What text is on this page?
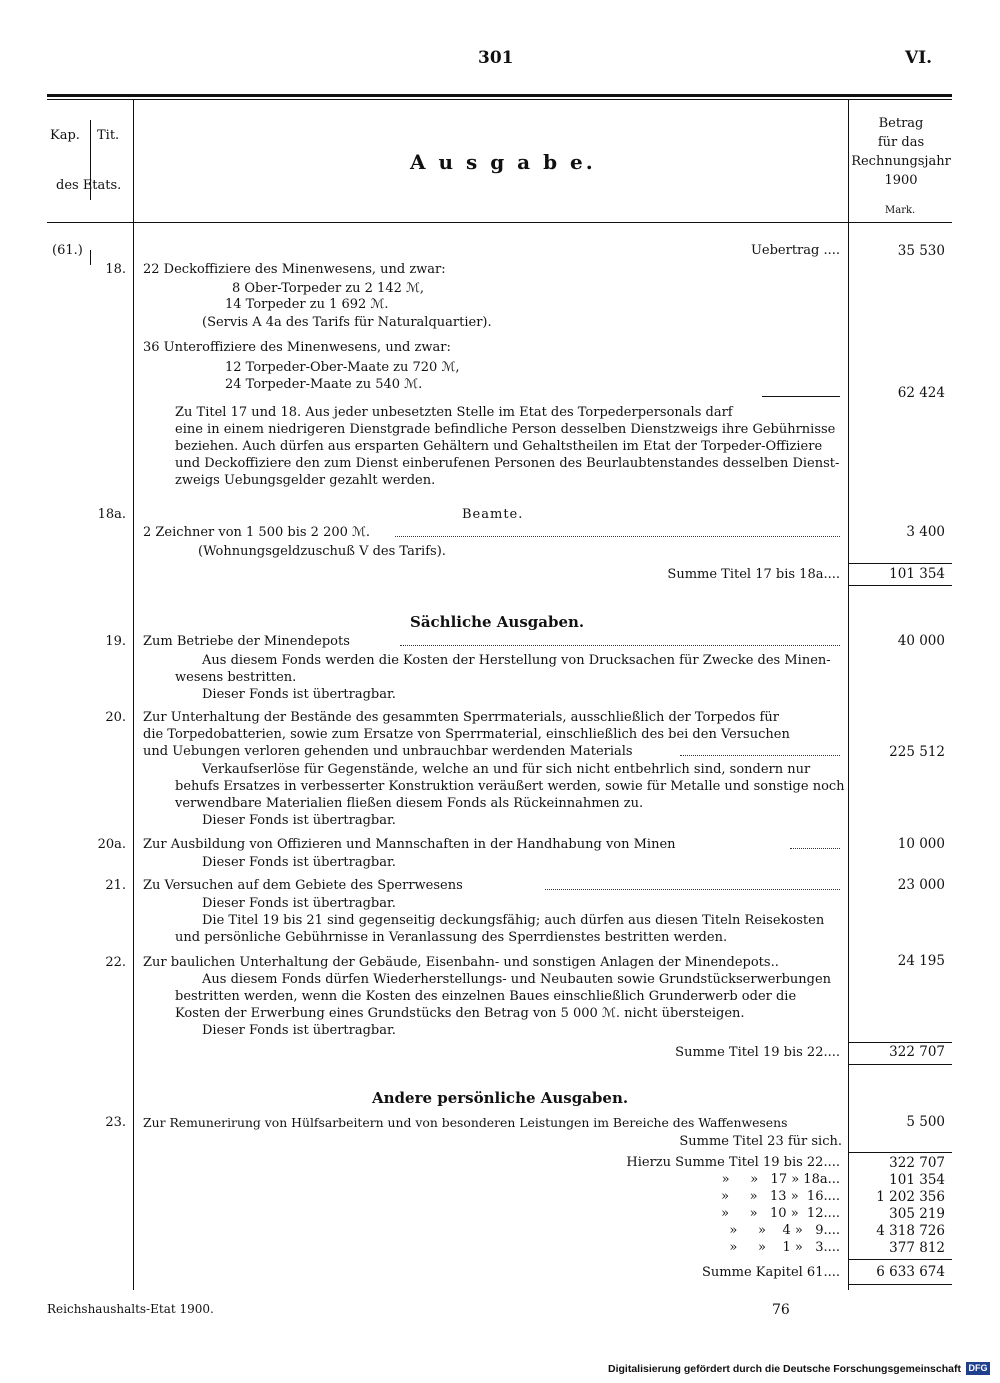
301	VI.
Kap. Tit.
des Etats.
A u s g a b e.
Betrag
für das
Rechnungsjahr
1900
Mark.
(61.)	Uebertrag ....	35 530
18. 22 Deckoffiziere des Minenwesens, und zwar:
8 Ober-Torpeder zu 2 142 ℳ,
14 Torpeder zu 1 692 ℳ.
(Servis A 4a des Tarifs für Naturalquartier).
36 Unteroffiziere des Minenwesens, und zwar:
12 Torpeder-Ober-Maate zu 720 ℳ,
24 Torpeder-Maate zu 540 ℳ.
62 424
Zu Titel 17 und 18. Aus jeder unbesetzten Stelle im Etat des Torpederpersonals darf
eine in einem niedrigeren Dienstgrade befindliche Person desselben Dienstzweigs ihre Gebührnisse
beziehen. Auch dürfen aus ersparten Gehältern und Gehaltstheilen im Etat der Torpeder-Offiziere
und Deckoffiziere den zum Dienst einberufenen Personen des Beurlaubtenstandes desselben Dienst-
zweigs Uebungsgelder gezahlt werden.
18a.	Beamte.
2 Zeichner von 1 500 bis 2 200 ℳ.	3 400
(Wohnungsgeldzuschuß V des Tarifs).
Summe Titel 17 bis 18a....	101 354
Sächliche Ausgaben.
19. Zum Betriebe der Minendepots	40 000
Aus diesem Fonds werden die Kosten der Herstellung von Drucksachen für Zwecke des Minen-
wesens bestritten.
Dieser Fonds ist übertragbar.
20. Zur Unterhaltung der Bestände des gesammten Sperrmaterials, ausschließlich der Torpedos für
die Torpedobatterien, sowie zum Ersatze von Sperrmaterial, einschließlich des bei den Versuchen
und Uebungen verloren gehenden und unbrauchbar werdenden Materials	225 512
Verkaufserlöse für Gegenstände, welche an und für sich nicht entbehrlich sind, sondern nur
behufs Ersatzes in verbesserter Konstruktion veräußert werden, sowie für Metalle und sonstige noch
verwendbare Materialien fließen diesem Fonds als Rückeinnahmen zu.
Dieser Fonds ist übertragbar.
20a. Zur Ausbildung von Offizieren und Mannschaften in der Handhabung von Minen	10 000
Dieser Fonds ist übertragbar.
21. Zu Versuchen auf dem Gebiete des Sperrwesens	23 000
Dieser Fonds ist übertragbar.
Die Titel 19 bis 21 sind gegenseitig deckungsfähig; auch dürfen aus diesen Titeln Reisekosten
und persönliche Gebührnisse in Veranlassung des Sperrdienstes bestritten werden.
22. Zur baulichen Unterhaltung der Gebäude, Eisenbahn- und sonstigen Anlagen der Minendepots..	24 195
Aus diesem Fonds dürfen Wiederherstellungs- und Neubauten sowie Grundstückserwerbungen
bestritten werden, wenn die Kosten des einzelnen Baues einschließlich Grunderwerb oder die
Kosten der Erwerbung eines Grundstücks den Betrag von 5 000 ℳ. nicht übersteigen.
Dieser Fonds ist übertragbar.
Summe Titel 19 bis 22....	322 707
Andere persönliche Ausgaben.
23. Zur Remunerirung von Hülfsarbeitern und von besonderen Leistungen im Bereiche des Waffenwesens	5 500
Summe Titel 23 für sich.
Hierzu Summe Titel 19 bis 22....	322 707
»     »   17 » 18a...	101 354
»     »   13 »  16....	1 202 356
»     »   10 »  12....	305 219
»     »    4 »   9....	4 318 726
»     »    1 »   3....	377 812
Summe Kapitel 61....	6 633 674
Reichshaushalts-Etat 1900.	76
Digitalisierung gefördert durch die Deutsche Forschungsgemeinschaft DFG
